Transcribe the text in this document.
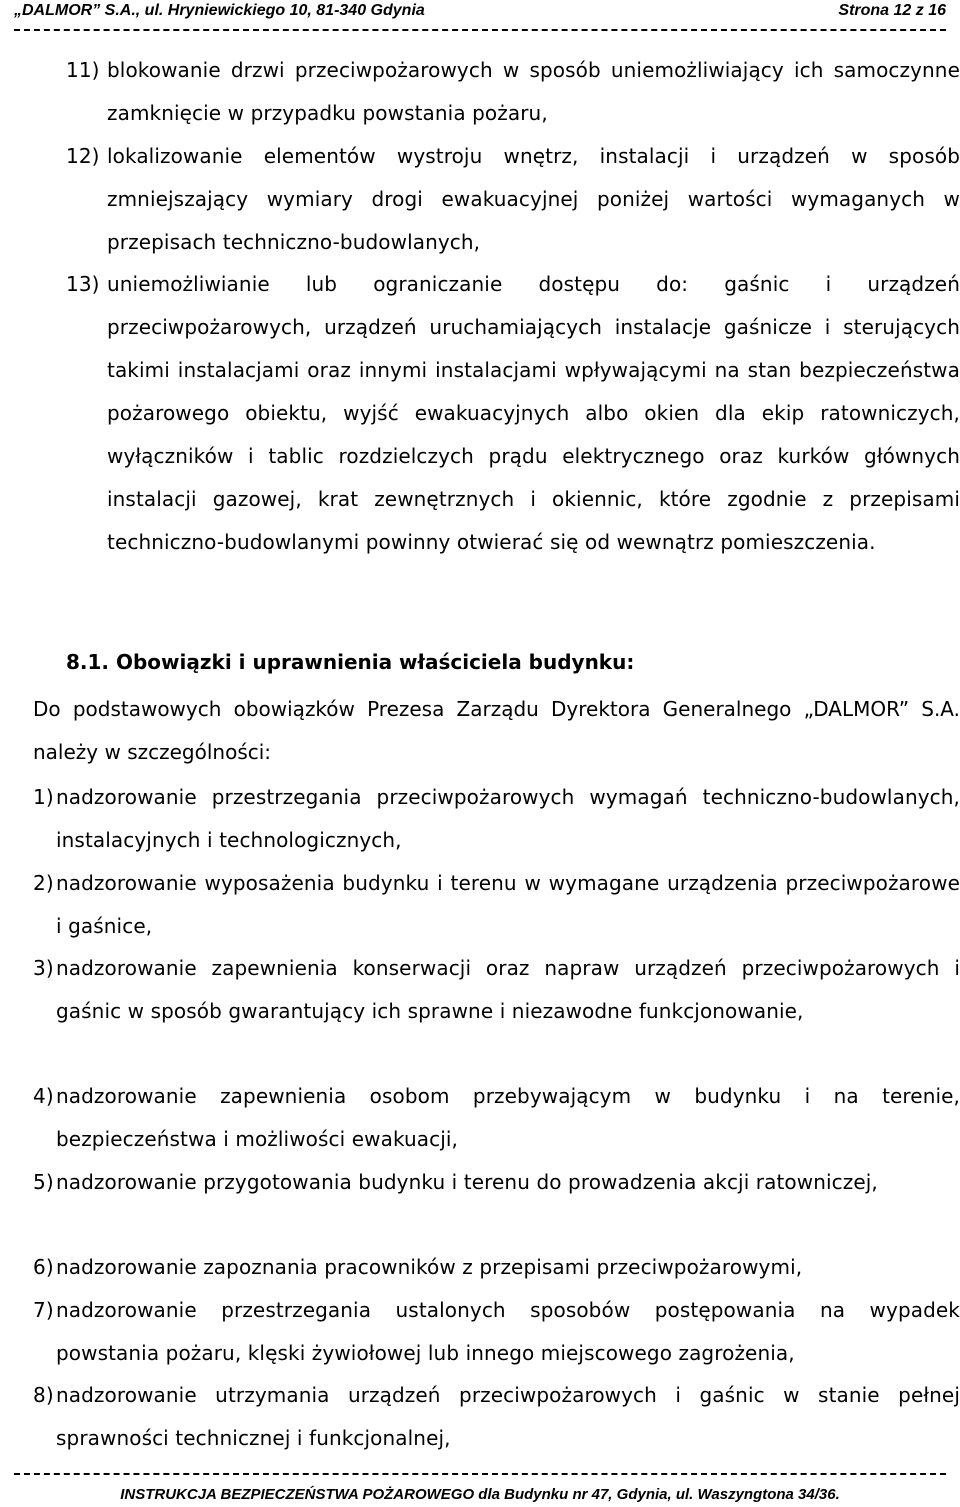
„DALMOR” S.A., ul. Hryniewickiego 10, 81-340 Gdynia	Strona 12 z 16
11) blokowanie drzwi przeciwpożarowych w sposób uniemożliwiający ich samoczynne zamknięcie w przypadku powstania pożaru,
12) lokalizowanie elementów wystroju wnętrz, instalacji i urządzeń w sposób zmniejszający wymiary drogi ewakuacyjnej poniżej wartości wymaganych w przepisach techniczno-budowlanych,
13) uniemożliwianie lub ograniczanie dostępu do: gaśnic i urządzeń przeciwpożarowych, urządzeń uruchamiających instalacje gaśnicze i sterujących takimi instalacjami oraz innymi instalacjami wpływającymi na stan bezpieczeństwa pożarowego obiektu, wyjść ewakuacyjnych albo okien dla ekip ratowniczych, wyłączników i tablic rozdzielczych prądu elektrycznego oraz kurków głównych instalacji gazowej, krat zewnętrznych i okiennic, które zgodnie z przepisami techniczno-budowlanymi powinny otwierać się od wewnątrz pomieszczenia.
8.1. Obowiązki i uprawnienia właściciela budynku:
Do podstawowych obowiązków Prezesa Zarządu Dyrektora Generalnego „DALMOR” S.A. należy w szczególności:
1) nadzorowanie przestrzegania przeciwpożarowych wymagań techniczno-budowlanych, instalacyjnych i technologicznych,
2) nadzorowanie wyposażenia budynku i terenu w wymagane urządzenia przeciwpożarowe i gaśnice,
3) nadzorowanie zapewnienia konserwacji oraz napraw urządzeń przeciwpożarowych i gaśnic w sposób gwarantujący ich sprawne i niezawodne funkcjonowanie,
4) nadzorowanie zapewnienia osobom przebywającym w budynku i na terenie, bezpieczeństwa i możliwości ewakuacji,
5) nadzorowanie przygotowania budynku i terenu do prowadzenia akcji ratowniczej,
6) nadzorowanie zapoznania pracowników z przepisami przeciwpożarowymi,
7) nadzorowanie przestrzegania ustalonych sposobów postępowania na wypadek powstania pożaru, klęski żywiołowej lub innego miejscowego zagrożenia,
8) nadzorowanie utrzymania urządzeń przeciwpożarowych i gaśnic w stanie pełnej sprawności technicznej i funkcjonalnej,
INSTRUKCJA BEZPIECZEŃSTWA POŻAROWEGO dla Budynku nr 47, Gdynia, ul. Waszyngtona 34/36.
